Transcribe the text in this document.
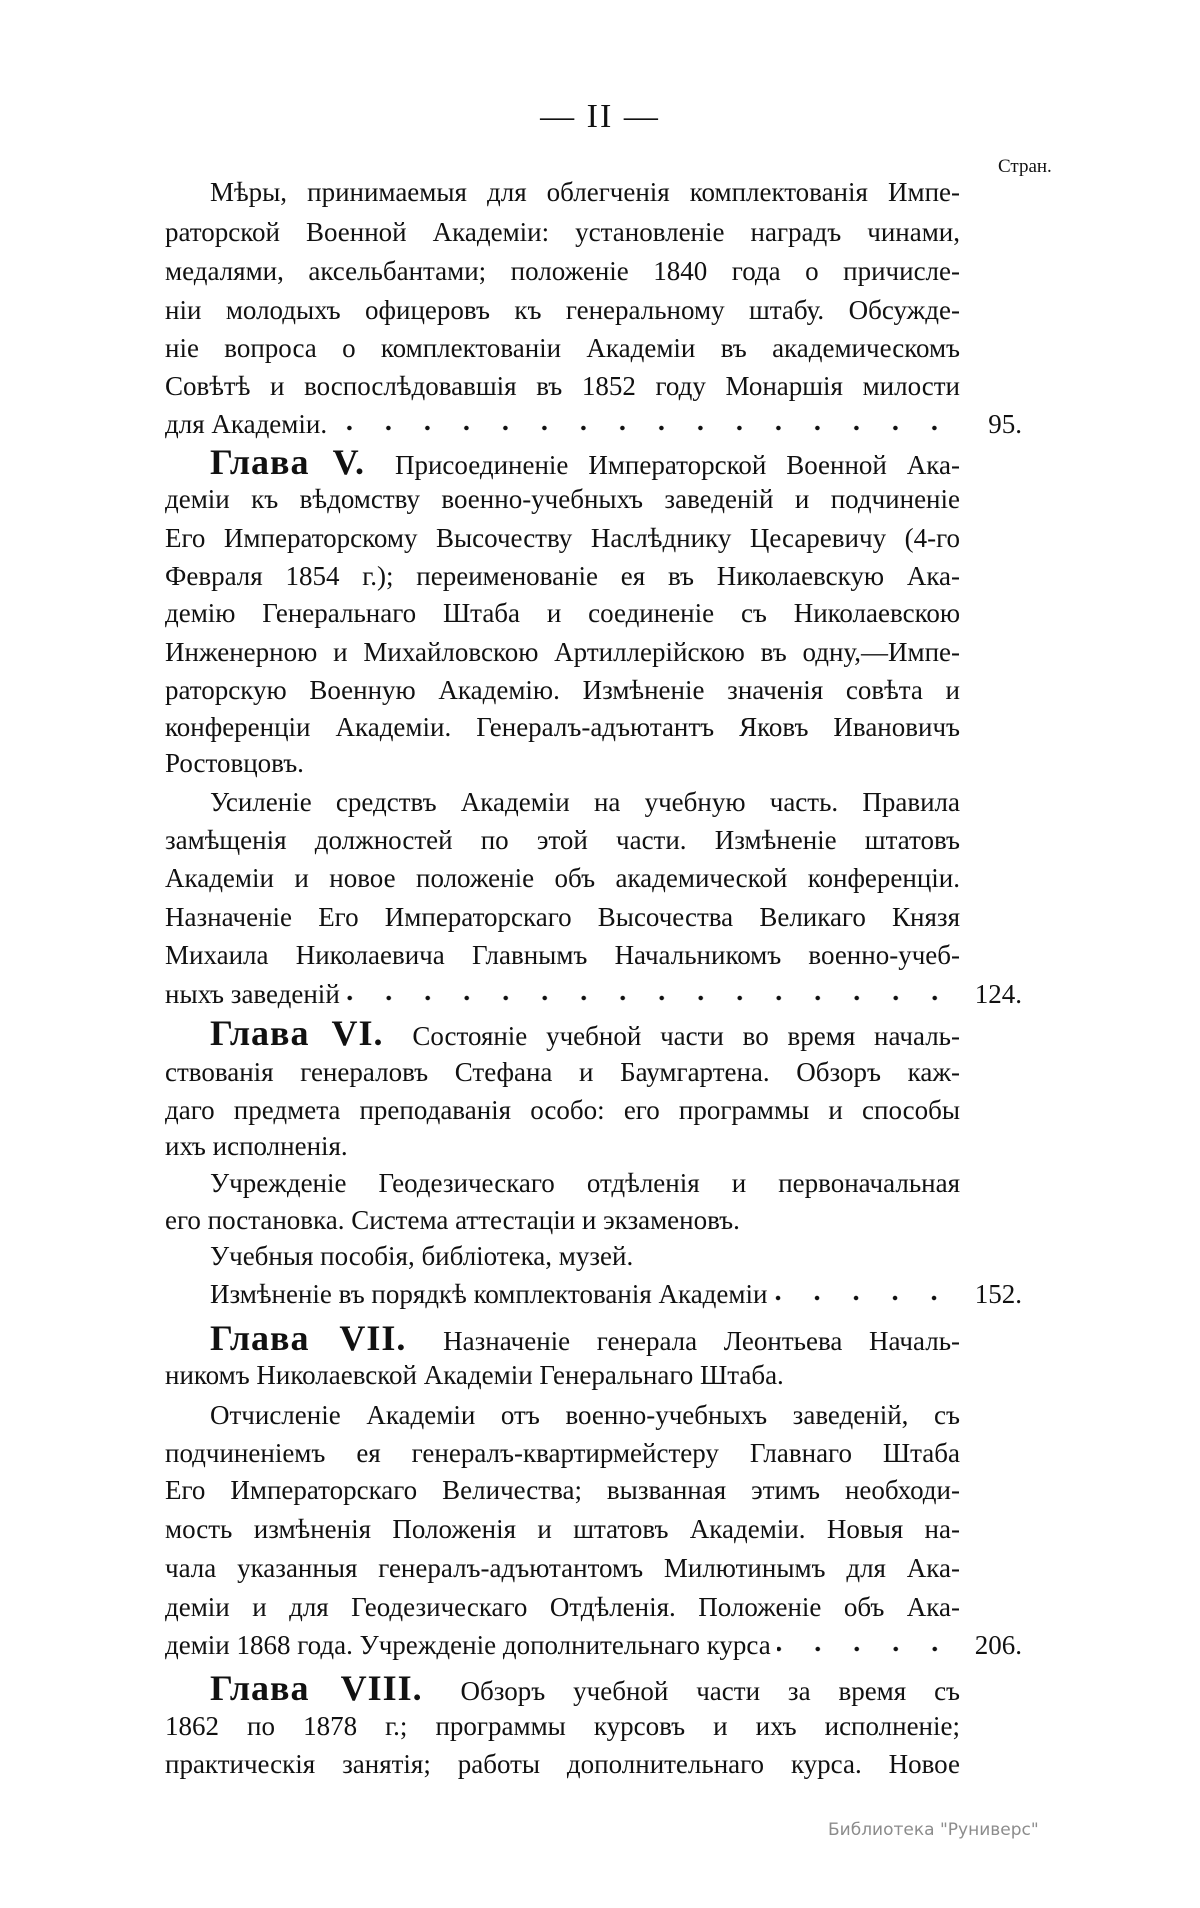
— II —
Стран.
Мѣры, принимаемыя для облегченія комплектованія Импе-
раторской Военной Академіи: установленіе наградъ чинами,
медалями, аксельбантами; положеніе 1840 года о причисле-
ніи молодыхъ офицеровъ къ генеральному штабу. Обсужде-
ніе вопроса о комплектованіи Академіи въ академическомъ
Совѣтѣ и воспослѣдовавшія въ 1852 году Монаршія милости
95.
для Академіи.
Глава V. Присоединеніе Императорской Военной Ака-
деміи къ вѣдомству военно-учебныхъ заведеній и подчиненіе
Его Императорскому Высочеству Наслѣднику Цесаревичу (4-го
Февраля 1854 г.); переименованіе ея въ Николаевскую Ака-
демію Генеральнаго Штаба и соединеніе съ Николаевскою
Инженерною и Михайловскою Артиллерійскою въ одну,—Импе-
раторскую Военную Академію. Измѣненіе значенія совѣта и
конференціи Академіи. Генералъ-адъютантъ Яковъ Ивановичъ
Ростовцовъ.
Усиленіе средствъ Академіи на учебную часть. Правила
замѣщенія должностей по этой части. Измѣненіе штатовъ
Академіи и новое положеніе объ академической конференціи.
Назначеніе Его Императорскаго Высочества Великаго Князя
Михаила Николаевича Главнымъ Начальникомъ военно-учеб-
124.
ныхъ заведеній
Глава VI. Состояніе учебной части во время началь-
ствованія генераловъ Стефана и Баумгартена. Обзоръ каж-
даго предмета преподаванія особо: его программы и способы
ихъ исполненія.
Учрежденіе Геодезическаго отдѣленія и первоначальная
его постановка. Система аттестаціи и экзаменовъ.
Учебныя пособія, библіотека, музей.
152.
Измѣненіе въ порядкѣ комплектованія Академіи
Глава VII. Назначеніе генерала Леонтьева Началь-
никомъ Николаевской Академіи Генеральнаго Штаба.
Отчисленіе Академіи отъ военно-учебныхъ заведеній, съ
подчиненіемъ ея генералъ-квартирмейстеру Главнаго Штаба
Его Императорскаго Величества; вызванная этимъ необходи-
мость измѣненія Положенія и штатовъ Академіи. Новыя на-
чала указанныя генералъ-адъютантомъ Милютинымъ для Ака-
деміи и для Геодезическаго Отдѣленія. Положеніе объ Ака-
206.
деміи 1868 года. Учрежденіе дополнительнаго курса
Глава VIII. Обзоръ учебной части за время съ
1862 по 1878 г.; программы курсовъ и ихъ исполненіе;
практическія занятія; работы дополнительнаго курса. Новое
Библиотека "Руниверс"
